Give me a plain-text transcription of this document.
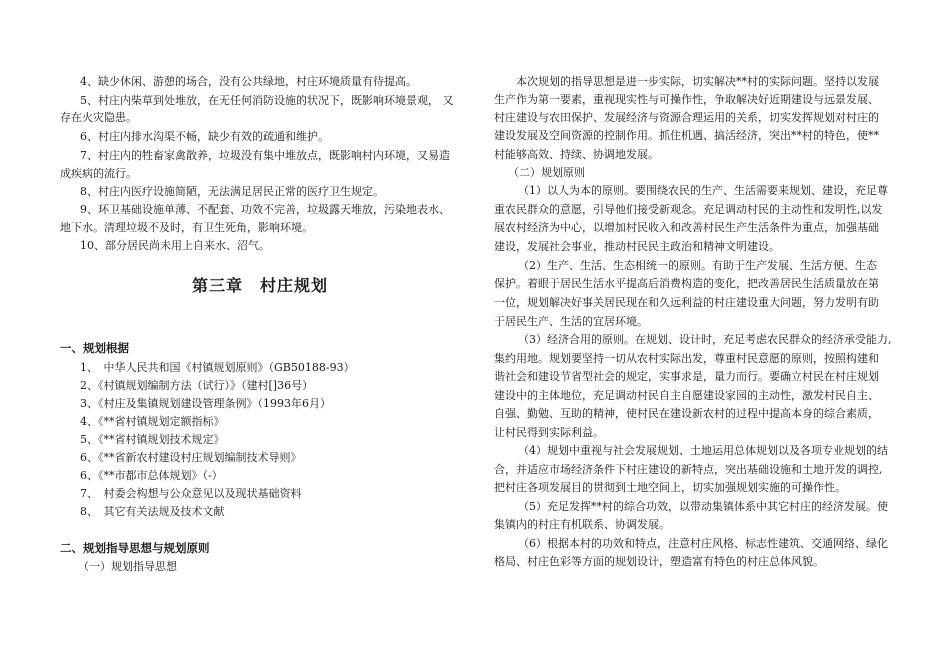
4、缺少休闲、游憩的场合，没有公共绿地，村庄环境质量有待提高。
5、村庄内柴草到处堆放，在无任何消防设施的状况下，既影响环境景观， 又
存在火灾隐患。
6、村庄内排水沟渠不畅，缺少有效的疏通和维护。
7、村庄内的牲畜家禽散养，垃圾没有集中堆放点，既影响村内环境，又易造
成疾病的流行。
8、村庄内医疗设施简陋，无法满足居民正常的医疗卫生规定。
9、环卫基础设施单薄、不配套、功效不完善，垃圾露天堆放，污染地表水、
地下水。清理垃圾不及时，有卫生死角，影响环境。
10、部分居民尚未用上自来水、沼气。
第三章　村庄规划
一、规划根据
1、　中华人民共和国《村镇规划原则》（GB50188-93）
2、《村镇规划编制方法（试行）》（建村[]36号）
3、《村庄及集镇规划建设管理条例》（1993年6月）
4、《**省村镇规划定额指标》
5、《**省村镇规划技术规定》
6、《**省新农村建设村庄规划编制技术导则》
6、《**市都市总体规划》（-）
7、　村委会构想与公众意见以及现状基础资料
8、　其它有关法规及技术文献
二、规划指导思想与规划原则
（一）规划指导思想
本次规划的指导思想是进一步实际，切实解决**村的实际问题。坚持以发展
生产作为第一要素，重视现实性与可操作性，争取解决好近期建设与远景发展、
村庄建设与农田保护、发展经济与资源合理运用的关系，切实发挥规划对村庄的
建设发展及空间资源的控制作用。抓住机遇、搞活经济，突出**村的特色，使**
村能够高效、持续、协调地发展。
（二）规划原则
（1）以人为本的原则。要围绕农民的生产、生活需要来规划、建设，充足尊
重农民群众的意愿，引导他们接受新观念。充足调动村民的主动性和发明性,以发
展农村经济为中心，以增加村民收入和改善村民生产生活条件为重点，加强基础
建设，发展社会事业，推动村民民主政治和精神文明建设。
（2）生产、生活、生态相统一的原则。有助于生产发展、生活方便、生态
保护。着眼于居民生活水平提高后消费构造的变化，把改善居民生活质量放在第
一位，规划解决好事关居民现在和久远利益的村庄建设重大问题，努力发明有助
于居民生产、生活的宜居环境。
（3）经济合用的原则。在规划、设计时，充足考虑农民群众的经济承受能力,
集约用地。规划要坚持一切从农村实际出发，尊重村民意愿的原则，按照构建和
谐社会和建设节省型社会的规定，实事求是，量力而行。要确立村民在村庄规划
建设中的主体地位，充足调动村民自主自愿建设家园的主动性，激发村民自主、
自强、勤勉、互助的精神，使村民在建设新农村的过程中提高本身的综合素质，
让村民得到实际利益。
（4）规划中重视与社会发展规划、土地运用总体规划以及各项专业规划的结
合，并适应市场经济条件下村庄建设的新特点，突出基础设施和土地开发的调控,
把村庄各项发展目的贯彻到土地空间上，切实加强规划实施的可操作性。
（5）充足发挥**村的综合功效，以带动集镇体系中其它村庄的经济发展。使
集镇内的村庄有机联系、协调发展。
（6）根据本村的功效和特点，注意村庄风格、标志性建筑、交通网络、绿化
格局、村庄色彩等方面的规划设计，塑造富有特色的村庄总体风貌。
